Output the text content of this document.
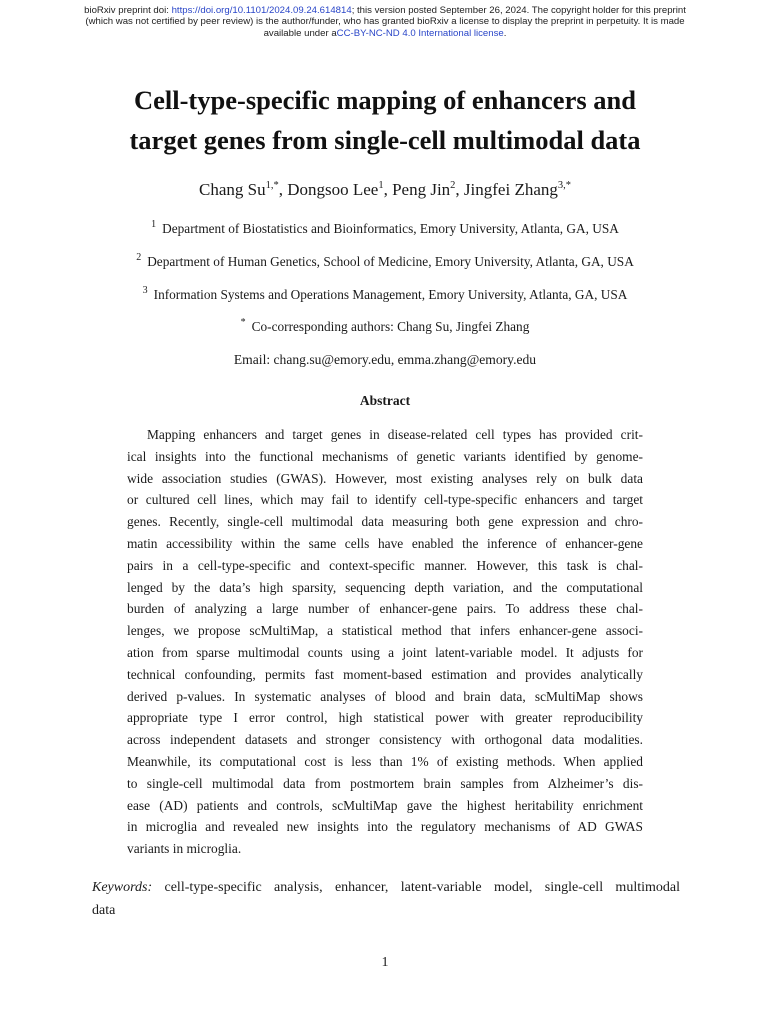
bioRxiv preprint doi: https://doi.org/10.1101/2024.09.24.614814; this version posted September 26, 2024. The copyright holder for this preprint
(which was not certified by peer review) is the author/funder, who has granted bioRxiv a license to display the preprint in perpetuity. It is made
available under aCC-BY-NC-ND 4.0 International license.
Cell-type-specific mapping of enhancers and
target genes from single-cell multimodal data
Chang $Su^{1,*}$, Dongsoo Lee$^1$, Peng Jin$^2$, Jingfei Zhang$^{3,*}$
$^1$ Department of Biostatistics and Bioinformatics, Emory University, Atlanta, GA, USA
$^2$ Department of Human Genetics, School of Medicine, Emory University, Atlanta, GA, USA
$^3$ Information Systems and Operations Management, Emory University, Atlanta, GA, USA
* Co-corresponding authors: Chang Su, Jingfei Zhang
Email: chang.su@emory.edu, emma.zhang@emory.edu
Abstract
Mapping enhancers and target genes in disease-related cell types has provided crit-
ical insights into the functional mechanisms of genetic variants identified by genome-
wide association studies (GWAS). However, most existing analyses rely on bulk data
or cultured cell lines, which may fail to identify cell-type-specific enhancers and target
genes. Recently, single-cell multimodal data measuring both gene expression and chro-
matin accessibility within the same cells have enabled the inference of enhancer-gene
pairs in a cell-type-specific and context-specific manner. However, this task is chal-
lenged by the data’s high sparsity, sequencing depth variation, and the computational
burden of analyzing a large number of enhancer-gene pairs. To address these chal-
lenges, we propose scMultiMap, a statistical method that infers enhancer-gene associ-
ation from sparse multimodal counts using a joint latent-variable model. It adjusts for
technical confounding, permits fast moment-based estimation and provides analytically
derived p-values. In systematic analyses of blood and brain data, scMultiMap shows
appropriate type I error control, high statistical power with greater reproducibility
across independent datasets and stronger consistency with orthogonal data modalities.
Meanwhile, its computational cost is less than 1% of existing methods. When applied
to single-cell multimodal data from postmortem brain samples from Alzheimer’s dis-
ease (AD) patients and controls, scMultiMap gave the highest heritability enrichment
in microglia and revealed new insights into the regulatory mechanisms of AD GWAS
variants in microglia.
Keywords: cell-type-specific analysis, enhancer, latent-variable model, single-cell multimodal
data
1
